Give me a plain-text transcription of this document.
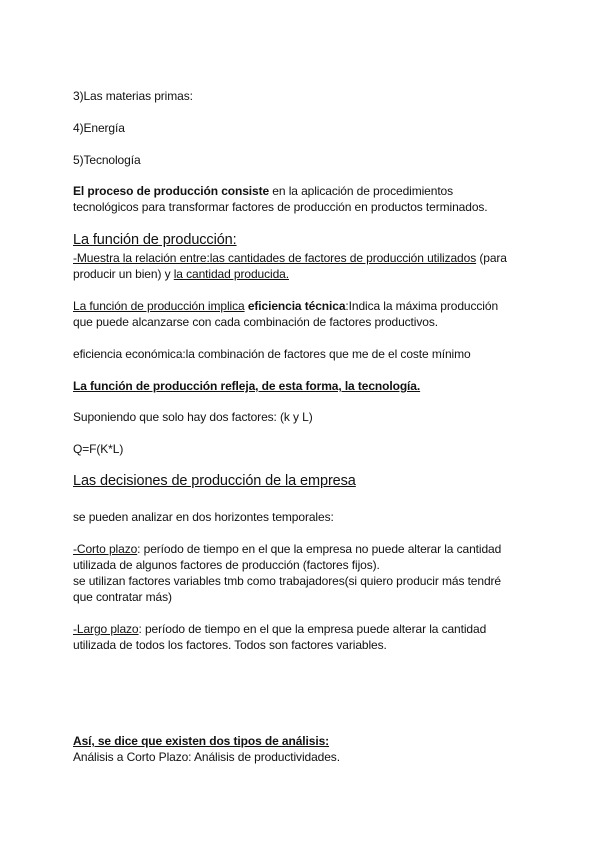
3)Las materias primas:
4)Energía
5)Tecnología
El proceso de producción consiste en la aplicación de procedimientos
tecnológicos para transformar factores de producción en productos terminados.
La función de producción:
-Muestra la relación entre:las cantidades de factores de producción utilizados (para
producir un bien) y la cantidad producida.
La función de producción implica eficiencia técnica:Indica la máxima producción
que puede alcanzarse con cada combinación de factores productivos.
eficiencia económica:la combinación de factores que me de el coste mínimo
La función de producción refleja, de esta forma, la tecnología.
Suponiendo que solo hay dos factores: (k y L)
Q=F(K*L)
Las decisiones de producción de la empresa
se pueden analizar en dos horizontes temporales:
-Corto plazo: período de tiempo en el que la empresa no puede alterar la cantidad
utilizada de algunos factores de producción (factores fijos).
se utilizan factores variables tmb como trabajadores(si quiero producir más tendré
que contratar más)
-Largo plazo: período de tiempo en el que la empresa puede alterar la cantidad
utilizada de todos los factores. Todos son factores variables.
Así, se dice que existen dos tipos de análisis:
Análisis a Corto Plazo: Análisis de productividades.
